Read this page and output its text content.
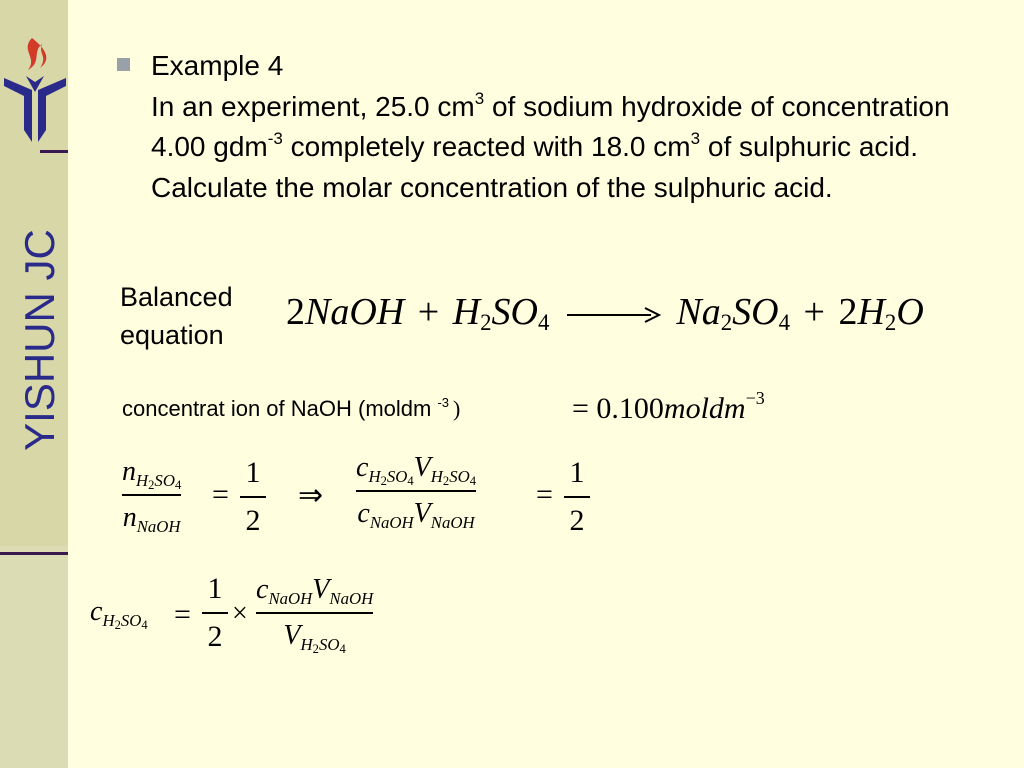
YISHUN JC
Example 4
In an experiment, 25.0 $cm^3$ of sodium hydroxide of concentration 4.00 gdm$^{-3}$ completely reacted with 18.0 $cm^3$ of sulphuric acid. Calculate the molar concentration of the sulphuric acid.
Balanced equation
2NaOH + $H_2SO_4 \to Na_2SO_4 + 2H_2O$
concentrat ion of NaOH (moldm $^{-3}$ )	= 0.100moldm$^{-3}$
$n_{H2SO4}$
$n_{NaOH}$
=
1
2
⇒
$c_{H2SO4}V_{H2SO4}$
$c_{NaOH}V_{NaOH}$
=
1
2
$c_{H2SO4}$ =
1
2
×
$c_{NaOH}V_{NaOH}$
$V_{H2SO4}$
